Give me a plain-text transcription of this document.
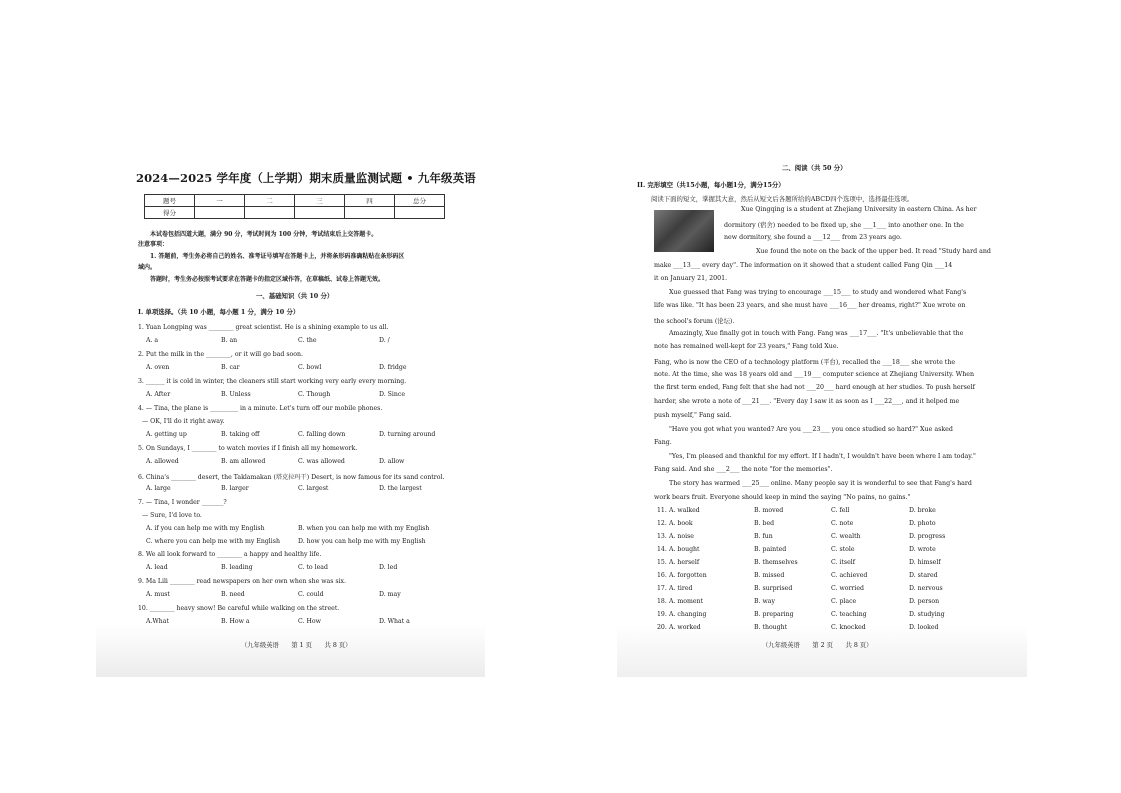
2024—2025 学年度（上学期）期末质量监测试题 • 九年级英语
题号	一	二	三	四	总分
得分					
本试卷包括四道大题，满分 90 分，考试时间为 100 分钟，考试结束后上交答题卡。
注意事项：
1. 答题前，考生务必将自己的姓名、准考证号填写在答题卡上，并将条形码准确粘贴在条形码区
域内。
答题时，考生务必按照考试要求在答题卡的指定区域作答，在草稿纸、试卷上答题无效。
一、基础知识（共 10 分）
I. 单项选择。（共 10 小题，每小题 1 分，满分 10 分）
1. Yuan Longping was ________ great scientist. He is a shining example to us all.
A. a	B. an	C. the	D. /
2. Put the milk in the ________, or it will go bad soon.
A. oven	B. car	C. bowl	D. fridge
3. ______ it is cold in winter, the cleaners still start working very early every morning.
A. After	B. Unless	C. Though	D. Since
4. — Tina, the plane is _________ in a minute. Let's turn off our mobile phones.
— OK, I'll do it right away.
A. getting up	B. taking off	C. falling down	D. turning around
5. On Sundays, I ________ to watch movies if I finish all my homework.
A. allowed	B. am allowed	C. was allowed	D. allow
6. China's ________ desert, the Taklamakan (塔克拉玛干) Desert, is now famous for its sand control.
A. large	B. larger	C. largest	D. the largest
7. — Tina, I wonder _______?
— Sure, I'd love to.
A. if you can help me with my English	B. when you can help me with my English
C. where you can help me with my English	D. how you can help me with my English
8. We all look forward to ________ a happy and healthy life.
A. lead	B. leading	C. to lead	D. led
9. Ma Lili ________ read newspapers on her own when she was six.
A. must	B. need	C. could	D. may
10. ________ heavy snow! Be careful while walking on the street.
A.What	B. How a	C. How	D. What a
（九年级英语　　第 1 页　　共 8 页）
二、阅读（共 50 分）
II. 完形填空（共15小题，每小题1分，满分15分）
阅读下面的短文，掌握其大意，然后从短文后各题所给的ABCD四个选项中，选择最佳选项。
Xue Qingqing is a student at Zhejiang University in eastern China. As her
dormitory (宿舍) needed to be fixed up, she ___1___ into another one. In the
new dormitory, she found a ___12___ from 23 years ago.
Xue found the note on the back of the upper bed. It read "Study hard and
make ___13___ every day". The information on it showed that a student called Fang Qin ___14
it on January 21, 2001.
Xue guessed that Fang was trying to encourage ___15___ to study and wondered what Fang's
life was like. "It has been 23 years, and she must have ___16___ her dreams, right?" Xue wrote on
the school's forum (论坛).
Amazingly, Xue finally got in touch with Fang. Fang was ___17___. "It's unbelievable that the
note has remained well-kept for 23 years," Fang told Xue.
Fang, who is now the CEO of a technology platform (平台), recalled the ___18___ she wrote the
note. At the time, she was 18 years old and ___19___ computer science at Zhejiang University. When
the first term ended, Fang felt that she had not ___20___ hard enough at her studies. To push herself
harder, she wrote a note of ___21___. "Every day I saw it as soon as I ___22___, and it helped me
push myself," Fang said.
"Have you got what you wanted? Are you ___23___ you once studied so hard?" Xue asked
Fang.
"Yes, I'm pleased and thankful for my effort. If I hadn't, I wouldn't have been where I am today."
Fang said. And she ___2___ the note "for the memories".
The story has warmed ___25___ online. Many people say it is wonderful to see that Fang's hard
work bears fruit. Everyone should keep in mind the saying "No pains, no gains."
11. A. walked	B. moved	C. fell	D. broke
12. A. book	B. bed	C. note	D. photo
13. A. noise	B. fun	C. wealth	D. progress
14. A. bought	B. painted	C. stole	D. wrote
15. A. herself	B. themselves	C. itself	D. himself
16. A. forgotten	B. missed	C. achieved	D. stared
17. A. tired	B. surprised	C. worried	D. nervous
18. A. moment	B. way	C. place	D. person
19. A. changing	B. preparing	C. teaching	D. studying
20. A. worked	B. thought	C. knocked	D. looked
（九年级英语　　第 2 页　　共 8 页）
